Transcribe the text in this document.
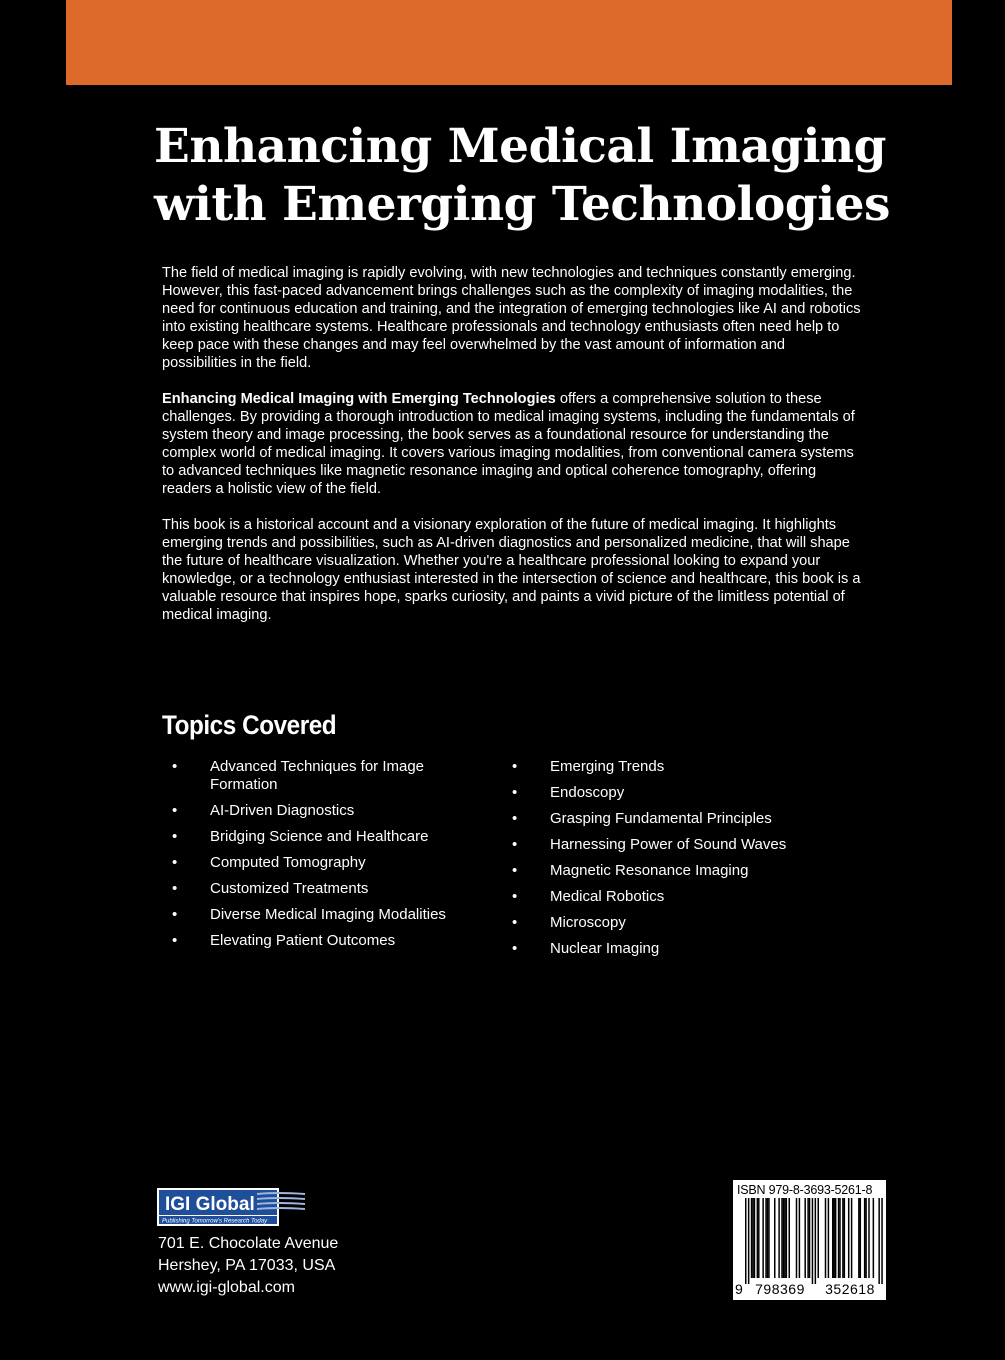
Enhancing Medical Imaging
with Emerging Technologies

The field of medical imaging is rapidly evolving, with new technologies and techniques constantly emerging. However, this fast-paced advancement brings challenges such as the complexity of imaging modalities, the need for continuous education and training, and the integration of emerging technologies like AI and robotics into existing healthcare systems. Healthcare professionals and technology enthusiasts often need help to keep pace with these changes and may feel overwhelmed by the vast amount of information and possibilities in the field.

Enhancing Medical Imaging with Emerging Technologies offers a comprehensive solution to these challenges. By providing a thorough introduction to medical imaging systems, including the fundamentals of system theory and image processing, the book serves as a foundational resource for understanding the complex world of medical imaging. It covers various imaging modalities, from conventional camera systems to advanced techniques like magnetic resonance imaging and optical coherence tomography, offering readers a holistic view of the field.

This book is a historical account and a visionary exploration of the future of medical imaging. It highlights emerging trends and possibilities, such as AI-driven diagnostics and personalized medicine, that will shape the future of healthcare visualization. Whether you're a healthcare professional looking to expand your knowledge, or a technology enthusiast interested in the intersection of science and healthcare, this book is a valuable resource that inspires hope, sparks curiosity, and paints a vivid picture of the limitless potential of medical imaging.

Topics Covered
• Advanced Techniques for Image Formation
• AI-Driven Diagnostics
• Bridging Science and Healthcare
• Computed Tomography
• Customized Treatments
• Diverse Medical Imaging Modalities
• Elevating Patient Outcomes
• Emerging Trends
• Endoscopy
• Grasping Fundamental Principles
• Harnessing Power of Sound Waves
• Magnetic Resonance Imaging
• Medical Robotics
• Microscopy
• Nuclear Imaging
IGI Global
Publishing Tomorrow's Research Today
701 E. Chocolate Avenue
Hershey, PA 17033, USA
www.igi-global.com
ISBN 979-8-3693-5261-8
9 798369	352618
